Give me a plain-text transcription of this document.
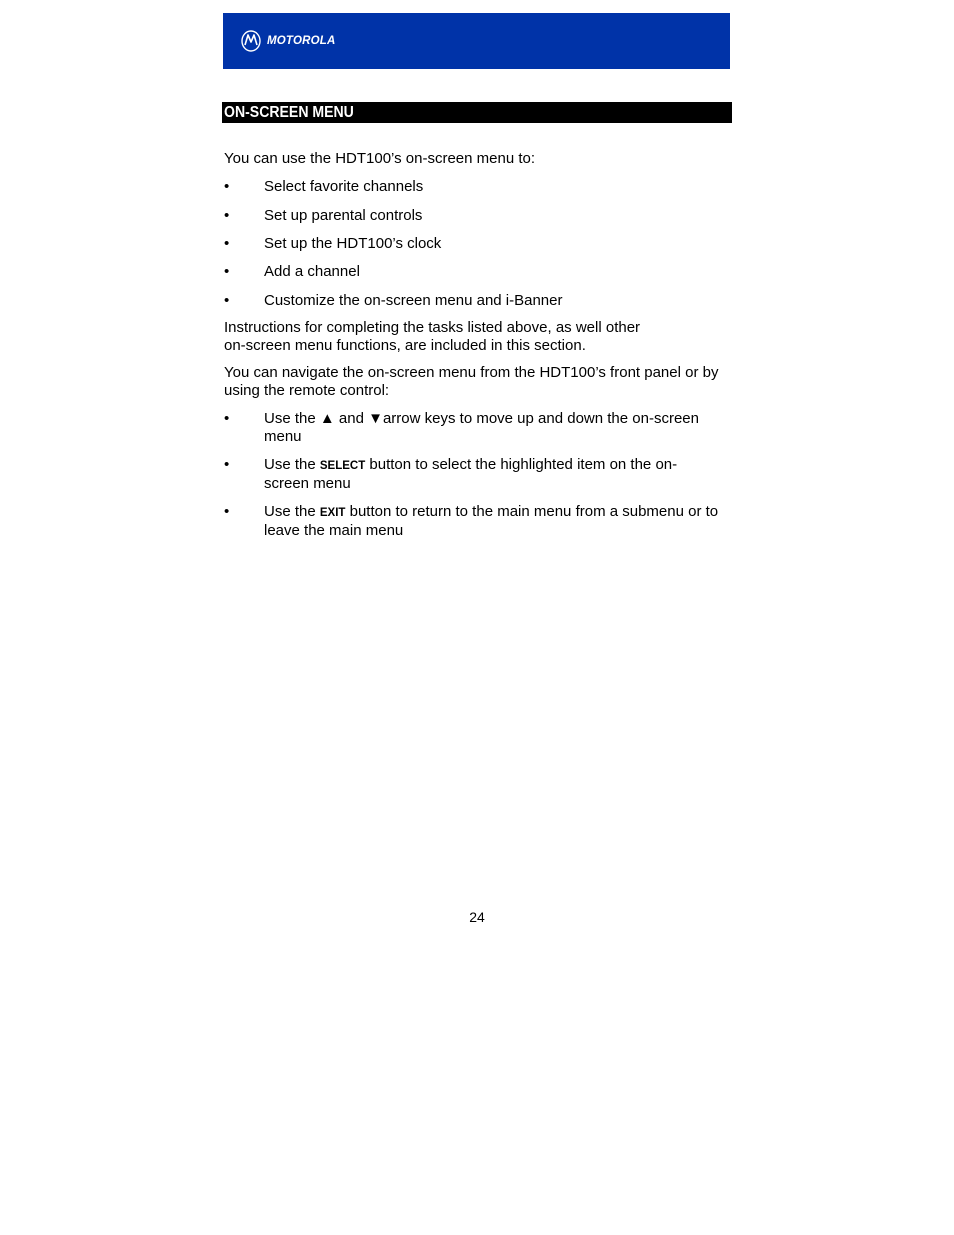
MOTOROLA
ON-SCREEN MENU

You can use the HDT100’s on-screen menu to:

• Select favorite channels
• Set up parental controls
• Set up the HDT100’s clock
• Add a channel
• Customize the on-screen menu and i-Banner

Instructions for completing the tasks listed above, as well other on-screen menu functions, are included in this section.

You can navigate the on-screen menu from the HDT100’s front panel or by using the remote control:

• Use the ▲ and ▼arrow keys to move up and down the on-screen menu
• Use the SELECT button to select the highlighted item on the on-screen menu
• Use the EXIT button to return to the main menu from a submenu or to leave the main menu
24
